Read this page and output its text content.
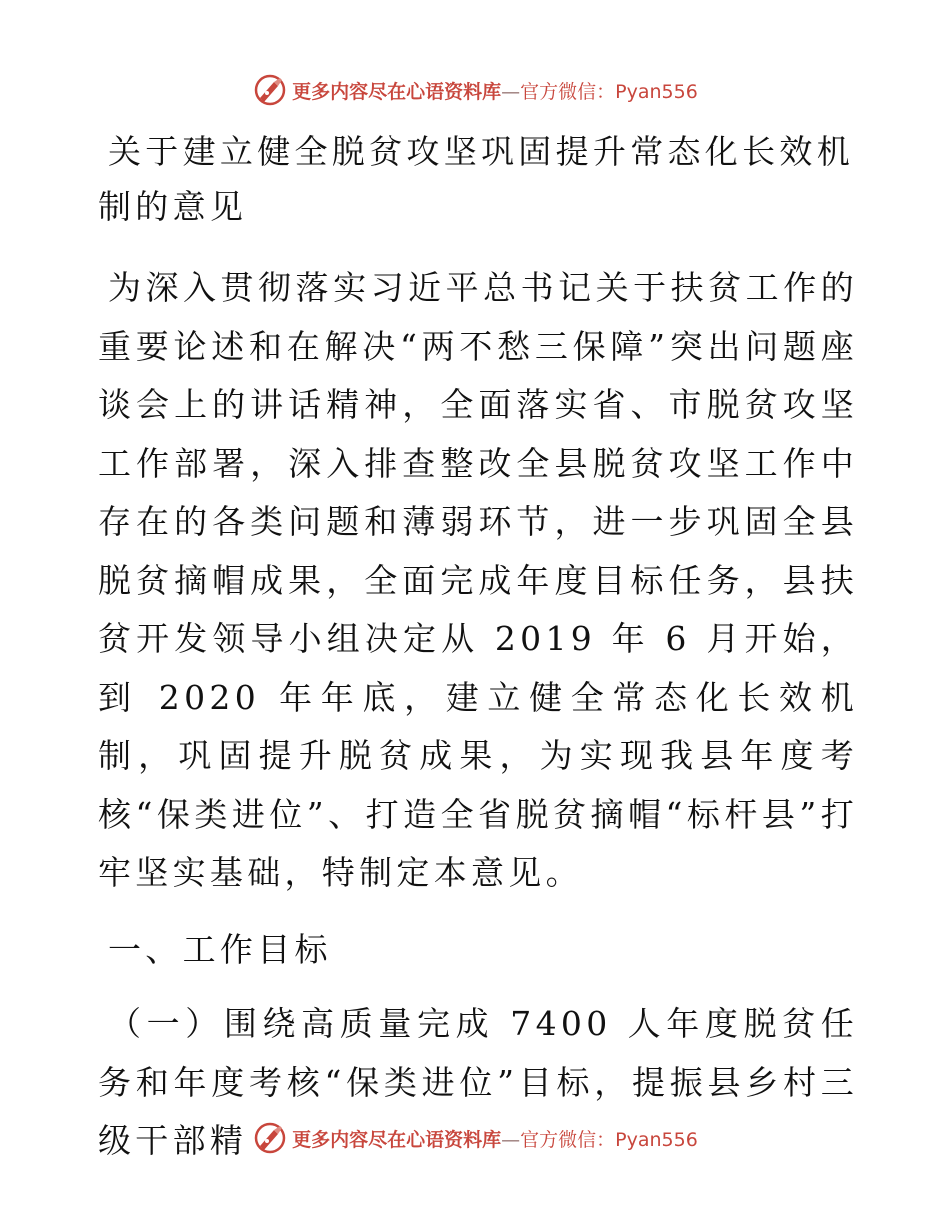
更多内容尽在心语资料库—官方微信：Pyan556
关于建立健全脱贫攻坚巩固提升常态化长效机制的意见

为深入贯彻落实习近平总书记关于扶贫工作的重要论述和在解决“两不愁三保障”突出问题座谈会上的讲话精神，全面落实省、市脱贫攻坚工作部署，深入排查整改全县脱贫攻坚工作中存在的各类问题和薄弱环节，进一步巩固全县脱贫摘帽成果，全面完成年度目标任务，县扶贫开发领导小组决定从 2019 年 6 月开始，到 2020 年年底，建立健全常态化长效机制，巩固提升脱贫成果，为实现我县年度考核“保类进位”、打造全省脱贫摘帽“标杆县”打牢坚实基础，特制定本意见。

一、工作目标

（一）围绕高质量完成 7400 人年度脱贫任务和年度考核“保类进位”目标，提振县乡村三级干部精	更多内容尽在心语资料库—官方微信：Pyan556
